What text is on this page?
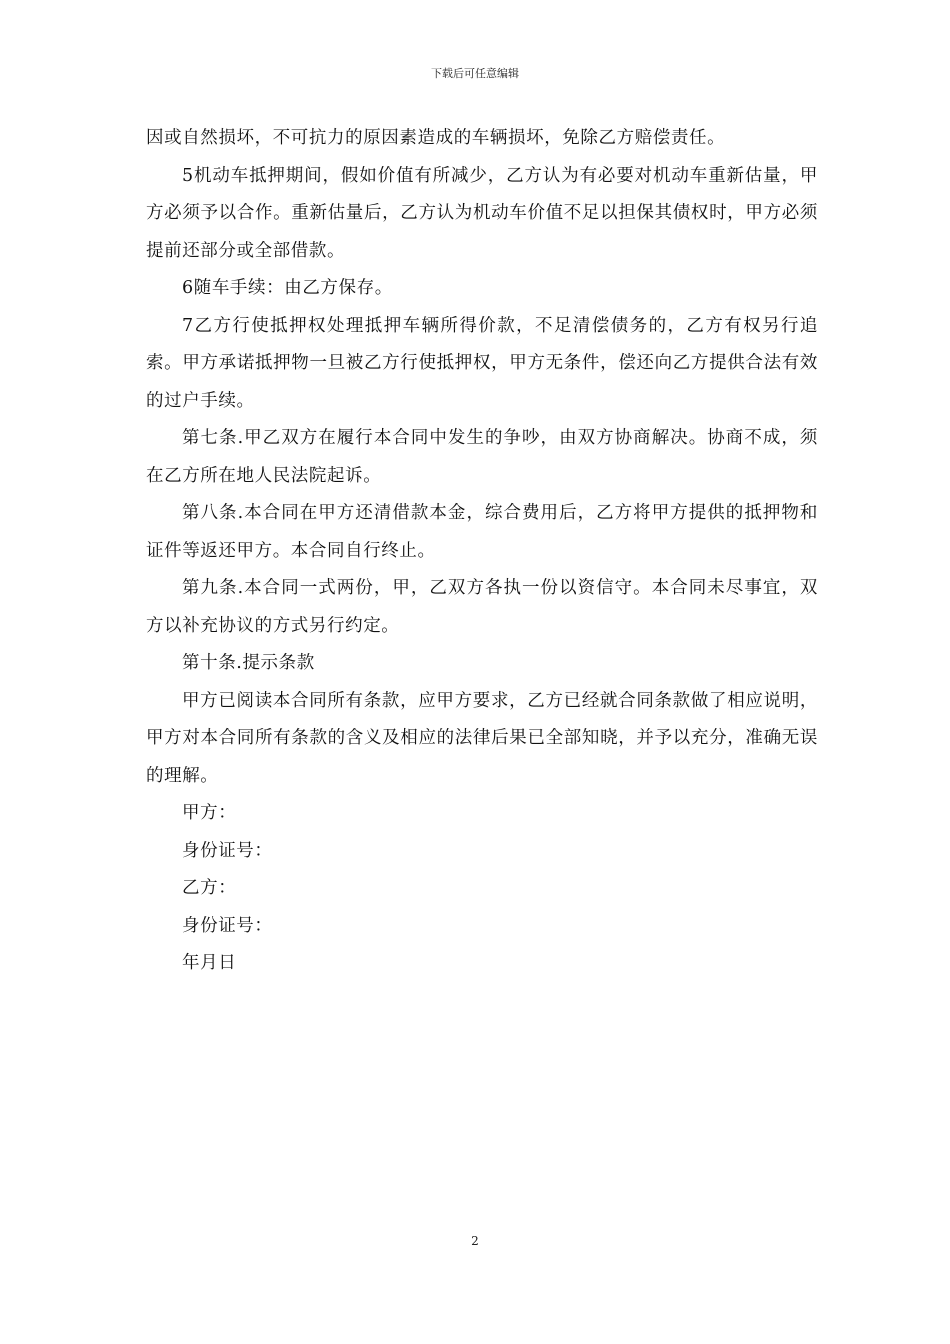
下载后可任意编辑

因或自然损坏，不可抗力的原因素造成的车辆损坏，免除乙方赔偿责任。

5机动车抵押期间，假如价值有所减少，乙方认为有必要对机动车重新估量，甲方必须予以合作。重新估量后，乙方认为机动车价值不足以担保其债权时，甲方必须提前还部分或全部借款。

6随车手续：由乙方保存。

7乙方行使抵押权处理抵押车辆所得价款，不足清偿债务的，乙方有权另行追索。甲方承诺抵押物一旦被乙方行使抵押权，甲方无条件，偿还向乙方提供合法有效的过户手续。

第七条.甲乙双方在履行本合同中发生的争吵，由双方协商解决。协商不成，须在乙方所在地人民法院起诉。

第八条.本合同在甲方还清借款本金，综合费用后，乙方将甲方提供的抵押物和证件等返还甲方。本合同自行终止。

第九条.本合同一式两份，甲，乙双方各执一份以资信守。本合同未尽事宜，双方以补充协议的方式另行约定。

第十条.提示条款

甲方已阅读本合同所有条款，应甲方要求，乙方已经就合同条款做了相应说明，甲方对本合同所有条款的含义及相应的法律后果已全部知晓，并予以充分，准确无误的理解。

甲方：

身份证号：

乙方：

身份证号：

年月日

2
